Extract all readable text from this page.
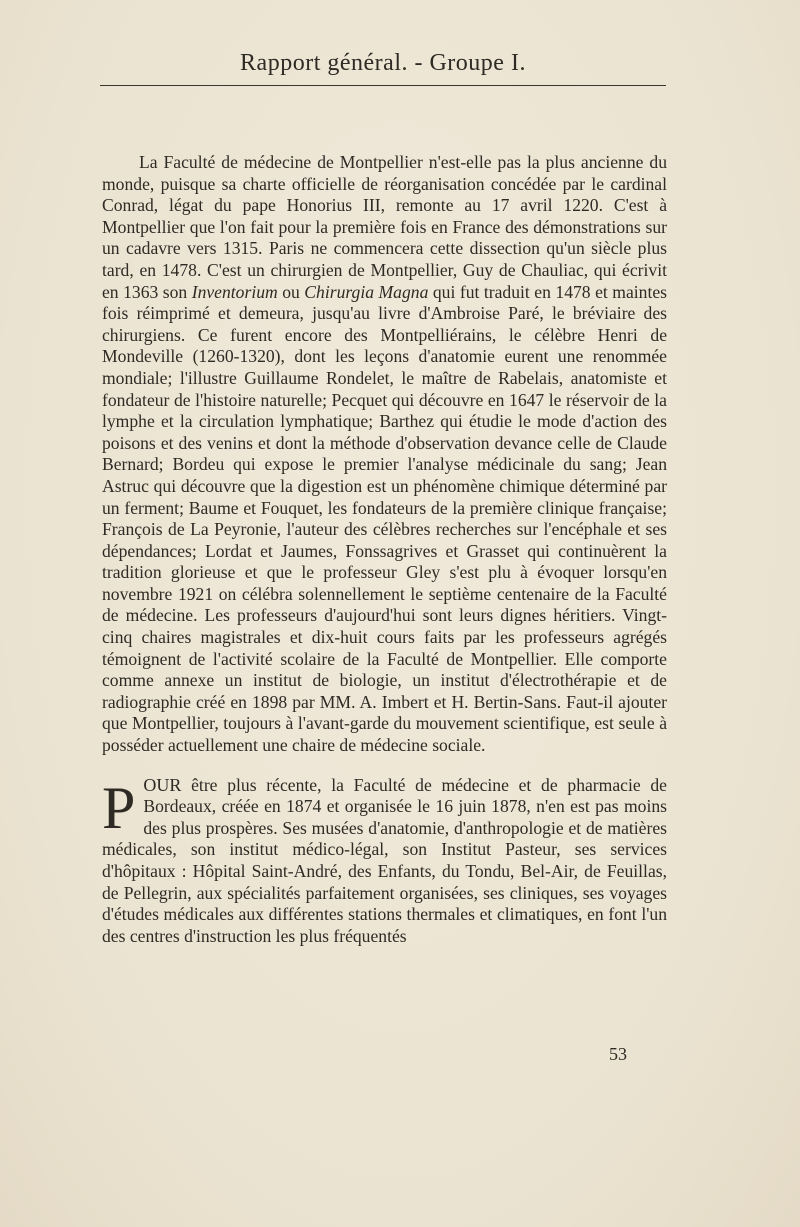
Rapport général. - Groupe I.

La Faculté de médecine de Montpellier n'est-elle pas la plus ancienne du monde, puisque sa charte officielle de réorganisation concédée par le cardinal Conrad, légat du pape Honorius III, remonte au 17 avril 1220. C'est à Montpellier que l'on fait pour la première fois en France des démonstrations sur un cadavre vers 1315. Paris ne commencera cette dissection qu'un siècle plus tard, en 1478. C'est un chirurgien de Montpellier, Guy de Chauliac, qui écrivit en 1363 son Inventorium ou Chirurgia Magna qui fut traduit en 1478 et maintes fois réimprimé et demeura, jusqu'au livre d'Ambroise Paré, le bréviaire des chirurgiens. Ce furent encore des Montpelliérains, le célèbre Henri de Mondeville (1260-1320), dont les leçons d'anatomie eurent une renommée mondiale; l'illustre Guillaume Rondelet, le maître de Rabelais, anatomiste et fondateur de l'histoire naturelle; Pecquet qui découvre en 1647 le réservoir de la lymphe et la circulation lymphatique; Barthez qui étudie le mode d'action des poisons et des venins et dont la méthode d'observation devance celle de Claude Bernard; Bordeu qui expose le premier l'analyse médicinale du sang; Jean Astruc qui découvre que la digestion est un phénomène chimique déterminé par un ferment; Baume et Fouquet, les fondateurs de la première clinique française; François de La Peyronie, l'auteur des célèbres recherches sur l'encéphale et ses dépendances; Lordat et Jaumes, Fonssagrives et Grasset qui continuèrent la tradition glorieuse et que le professeur Gley s'est plu à évoquer lorsqu'en novembre 1921 on célébra solennellement le septième centenaire de la Faculté de médecine. Les professeurs d'aujourd'hui sont leurs dignes héritiers. Vingt-cinq chaires magistrales et dix-huit cours faits par les professeurs agrégés témoignent de l'activité scolaire de la Faculté de Montpellier. Elle comporte comme annexe un institut de biologie, un institut d'électrothérapie et de radiographie créé en 1898 par MM. A. Imbert et H. Bertin-Sans. Faut-il ajouter que Montpellier, toujours à l'avant-garde du mouvement scientifique, est seule à posséder actuellement une chaire de médecine sociale.

POUR être plus récente, la Faculté de médecine et de pharmacie de Bordeaux, créée en 1874 et organisée le 16 juin 1878, n'en est pas moins des plus prospères. Ses musées d'anatomie, d'anthropologie et de matières médicales, son institut médico-légal, son Institut Pasteur, ses services d'hôpitaux : Hôpital Saint-André, des Enfants, du Tondu, Bel-Air, de Feuillas, de Pellegrin, aux spécialités parfaitement organisées, ses cliniques, ses voyages d'études médicales aux différentes stations thermales et climatiques, en font l'un des centres d'instruction les plus fréquentés

53
